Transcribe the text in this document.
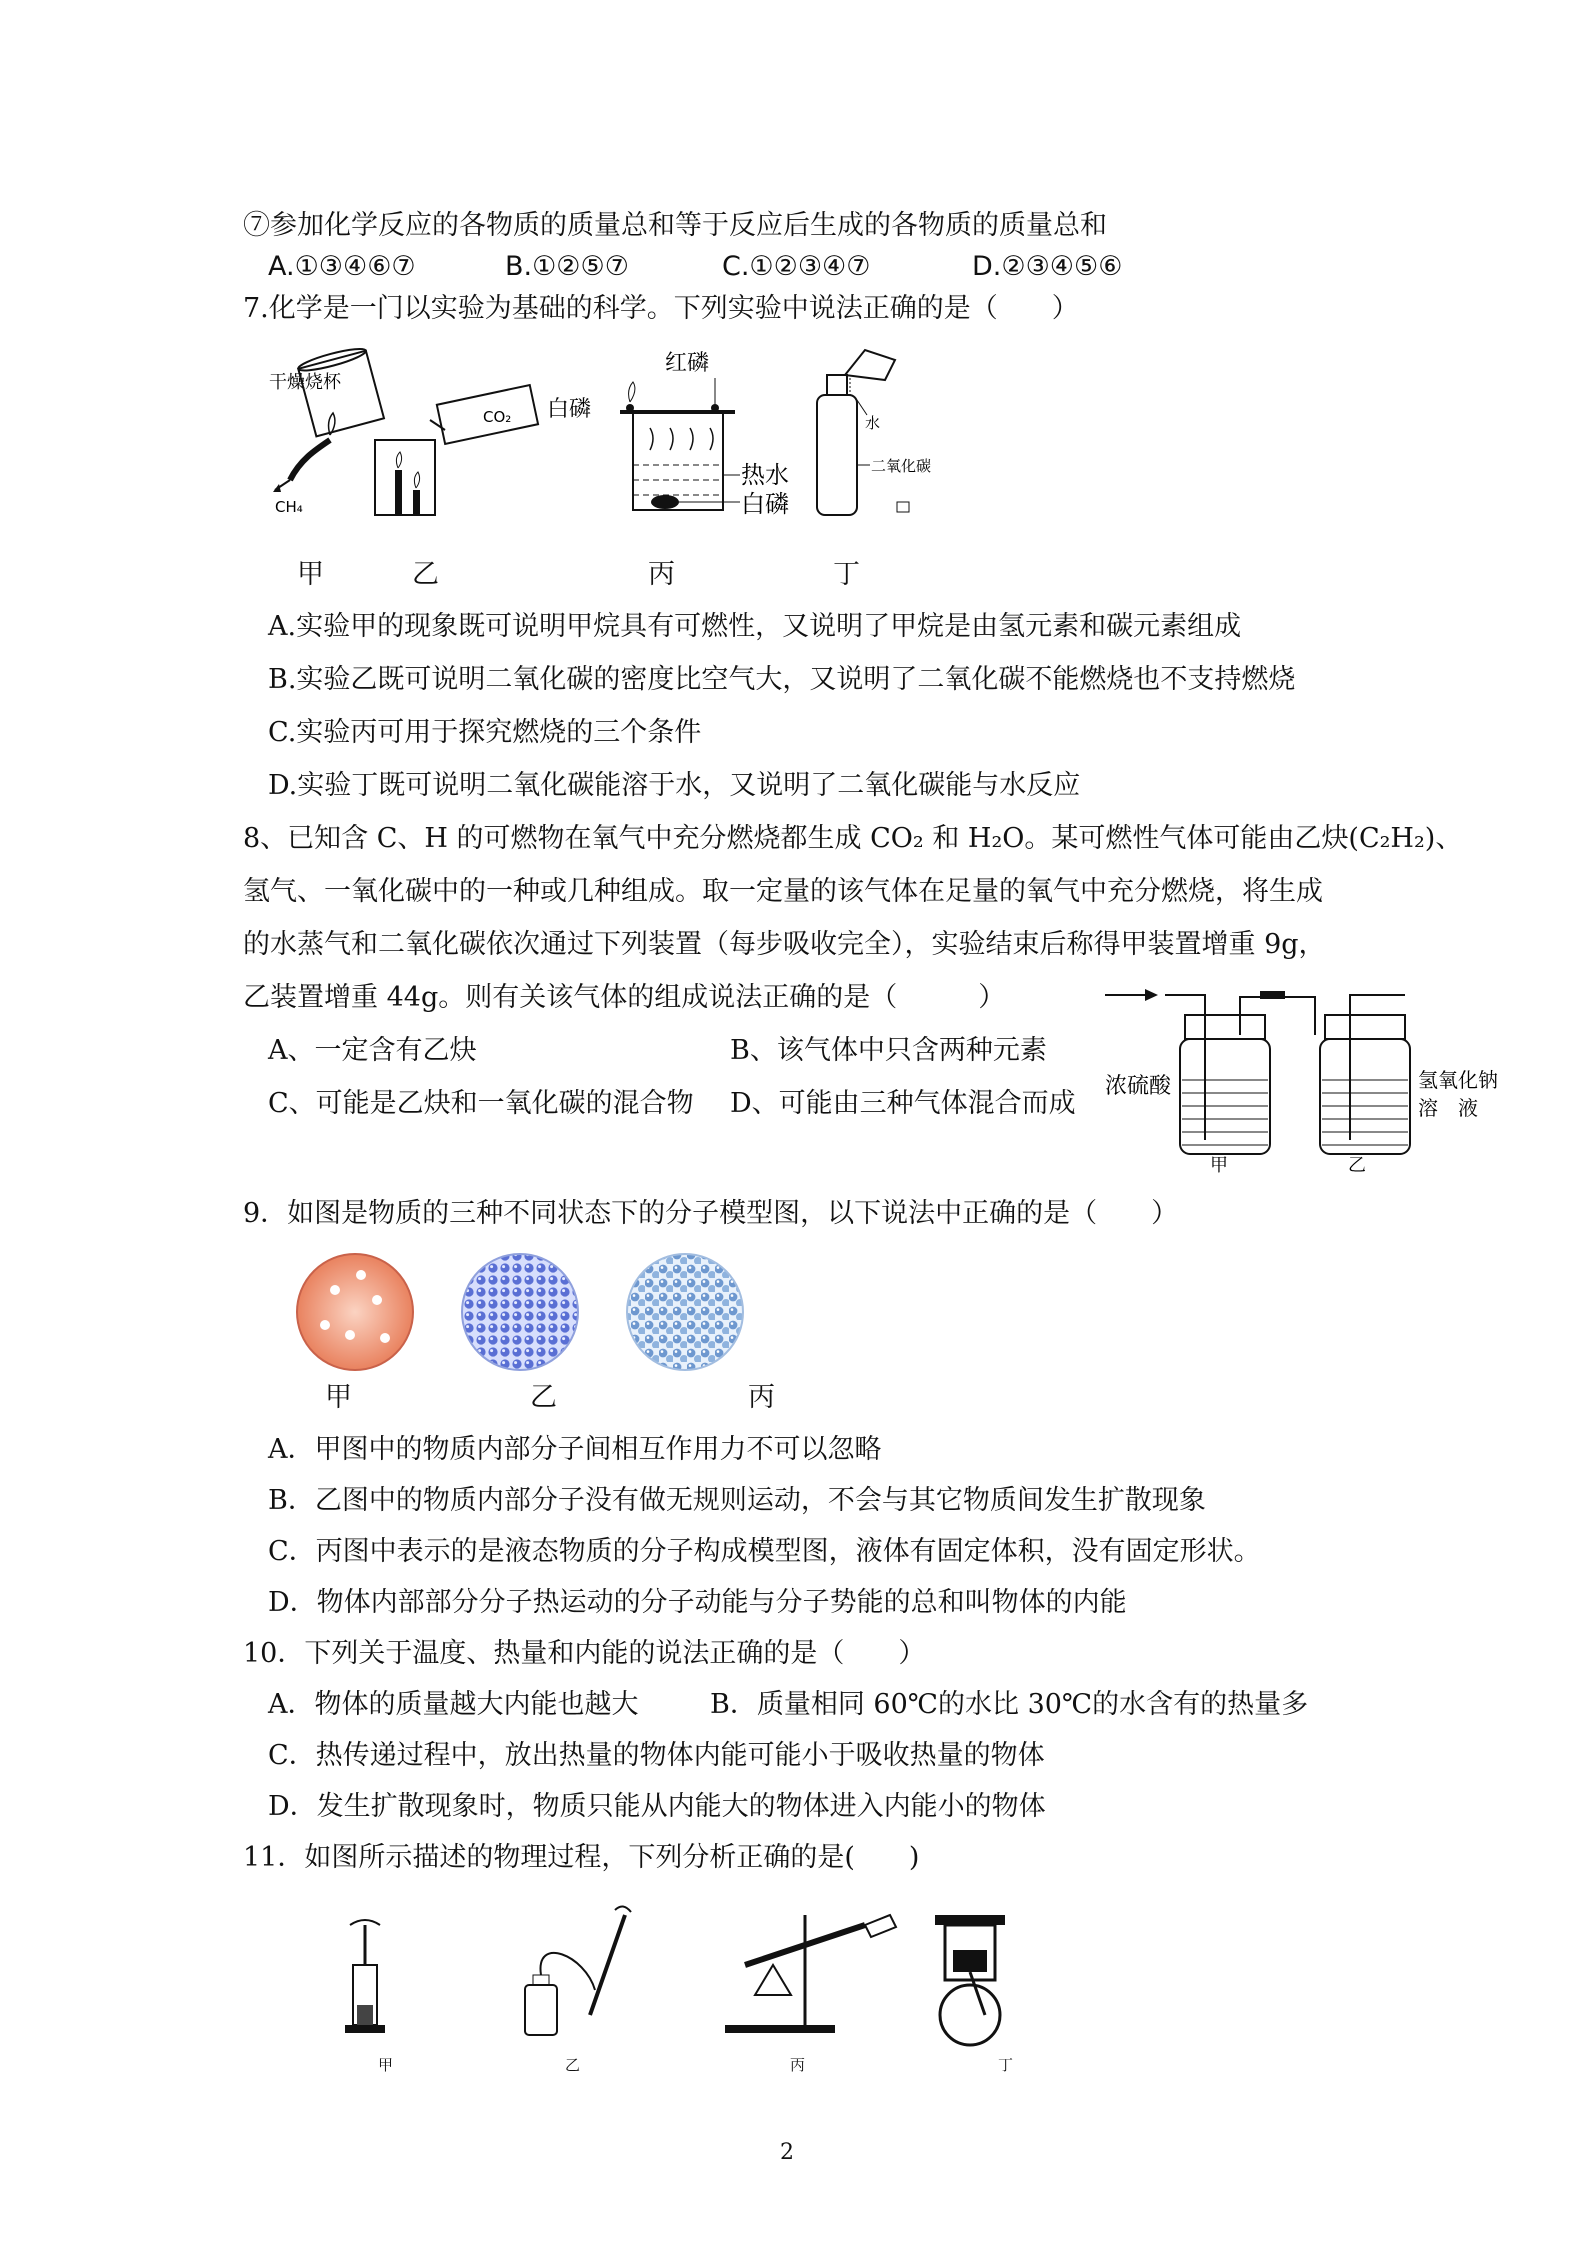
⑦参加化学反应的各物质的质量总和等于反应后生成的各物质的质量总和
A.①③④⑥⑦	B.①②⑤⑦	C.①②③④⑦	D.②③④⑤⑥
7.化学是一门以实验为基础的科学。下列实验中说法正确的是（　　）
干燥烧杯
CH₄
CO₂ 白磷
红磷
热水
白磷
水
二氧化碳
甲	乙	丙	丁
A.实验甲的现象既可说明甲烷具有可燃性，又说明了甲烷是由氢元素和碳元素组成
B.实验乙既可说明二氧化碳的密度比空气大，又说明了二氧化碳不能燃烧也不支持燃烧
C.实验丙可用于探究燃烧的三个条件
D.实验丁既可说明二氧化碳能溶于水，又说明了二氧化碳能与水反应
8、已知含 C、H 的可燃物在氧气中充分燃烧都生成 CO₂ 和 H₂O。某可燃性气体可能由乙炔(C₂H₂)、
氢气、一氧化碳中的一种或几种组成。取一定量的该气体在足量的氧气中充分燃烧，将生成
的水蒸气和二氧化碳依次通过下列装置（每步吸收完全），实验结束后称得甲装置增重 9g，
乙装置增重 44g。则有关该气体的组成说法正确的是（　　　）
A、一定含有乙炔	B、该气体中只含两种元素
C、可能是乙炔和一氧化碳的混合物 D、可能由三种气体混合而成
浓硫酸	氢氧化钠
溶　液
甲	乙
9．如图是物质的三种不同状态下的分子模型图，以下说法中正确的是（　　）
甲	乙	丙
A．甲图中的物质内部分子间相互作用力不可以忽略
B．乙图中的物质内部分子没有做无规则运动，不会与其它物质间发生扩散现象
C．丙图中表示的是液态物质的分子构成模型图，液体有固定体积，没有固定形状。
D．物体内部部分分子热运动的分子动能与分子势能的总和叫物体的内能
10．下列关于温度、热量和内能的说法正确的是（　　）
A．物体的质量越大内能也越大	B．质量相同 60℃的水比 30℃的水含有的热量多
C．热传递过程中，放出热量的物体内能可能小于吸收热量的物体
D．发生扩散现象时，物质只能从内能大的物体进入内能小的物体
11．如图所示描述的物理过程，下列分析正确的是(　　)
甲	乙	丙	丁
2
